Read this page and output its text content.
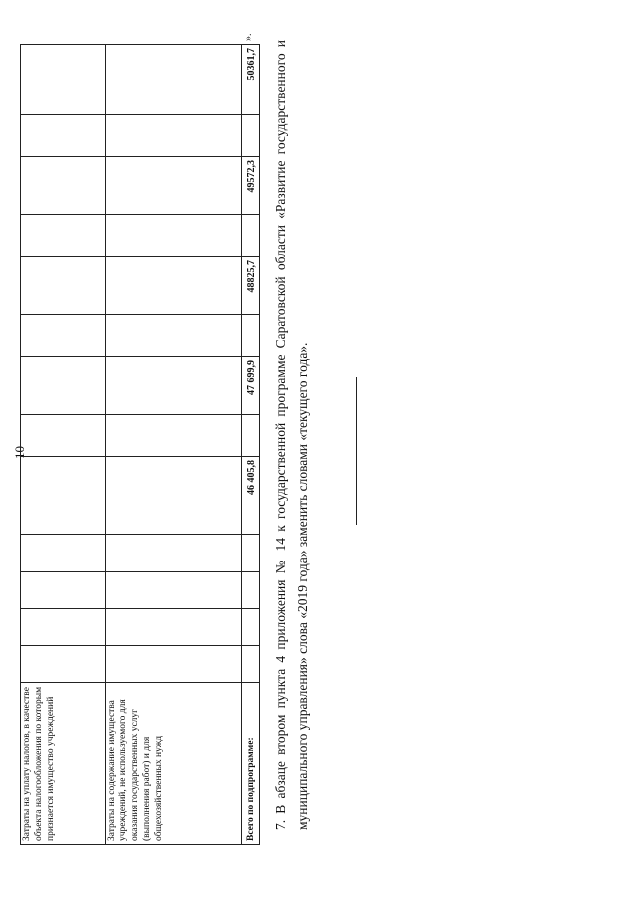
10
Затраты на уплату налогов, в качестве объекта налогообложения по которым признается имущество учреждений														
Затраты на содержание имущества учреждений, не используемого для оказания государственных услуг (выполнения работ) и для общехозяйственных нужд														
Всего по подпрограмме:					46 405,8		47 699,9		48825,7		49572,3		50361,7	».
7. В абзаце втором пункта 4 приложения № 14 к государственной программе Саратовской области «Развитие государственного и муниципального управления» слова «2019 года» заменить словами «текущего года».
